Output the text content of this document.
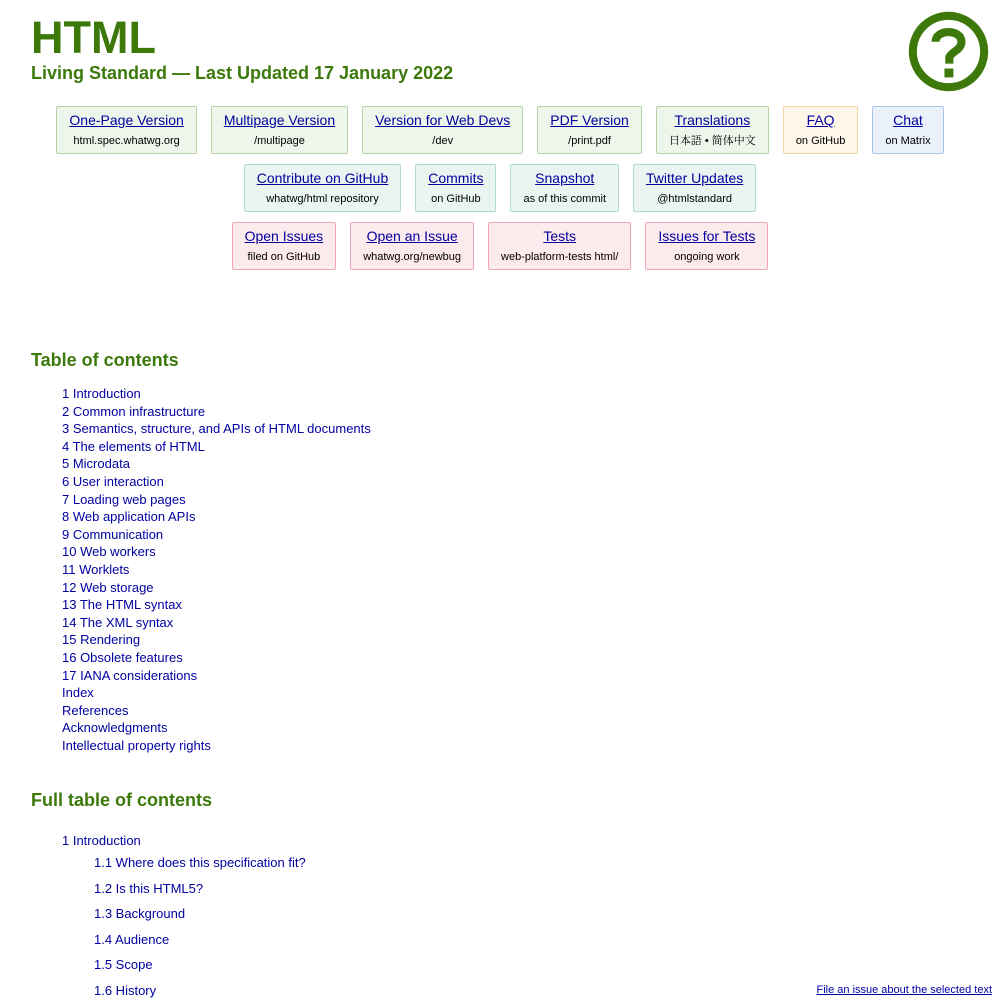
HTML
Living Standard — Last Updated 17 January 2022
One-Page Version
html.spec.whatwg.org
Multipage Version
/multipage
Version for Web Devs
/dev
PDF Version
/print.pdf
Translations
日本語 • 简体中文
FAQ
on GitHub
Chat
on Matrix
Contribute on GitHub
whatwg/html repository
Commits
on GitHub
Snapshot
as of this commit
Twitter Updates
@htmlstandard
Open Issues
filed on GitHub
Open an Issue
whatwg.org/newbug
Tests
web-platform-tests html/
Issues for Tests
ongoing work
Table of contents
1 Introduction
2 Common infrastructure
3 Semantics, structure, and APIs of HTML documents
4 The elements of HTML
5 Microdata
6 User interaction
7 Loading web pages
8 Web application APIs
9 Communication
10 Web workers
11 Worklets
12 Web storage
13 The HTML syntax
14 The XML syntax
15 Rendering
16 Obsolete features
17 IANA considerations
Index
References
Acknowledgments
Intellectual property rights
Full table of contents
1 Introduction
1.1 Where does this specification fit?
1.2 Is this HTML5?
1.3 Background
1.4 Audience
1.5 Scope
1.6 History	File an issue about the selected text
